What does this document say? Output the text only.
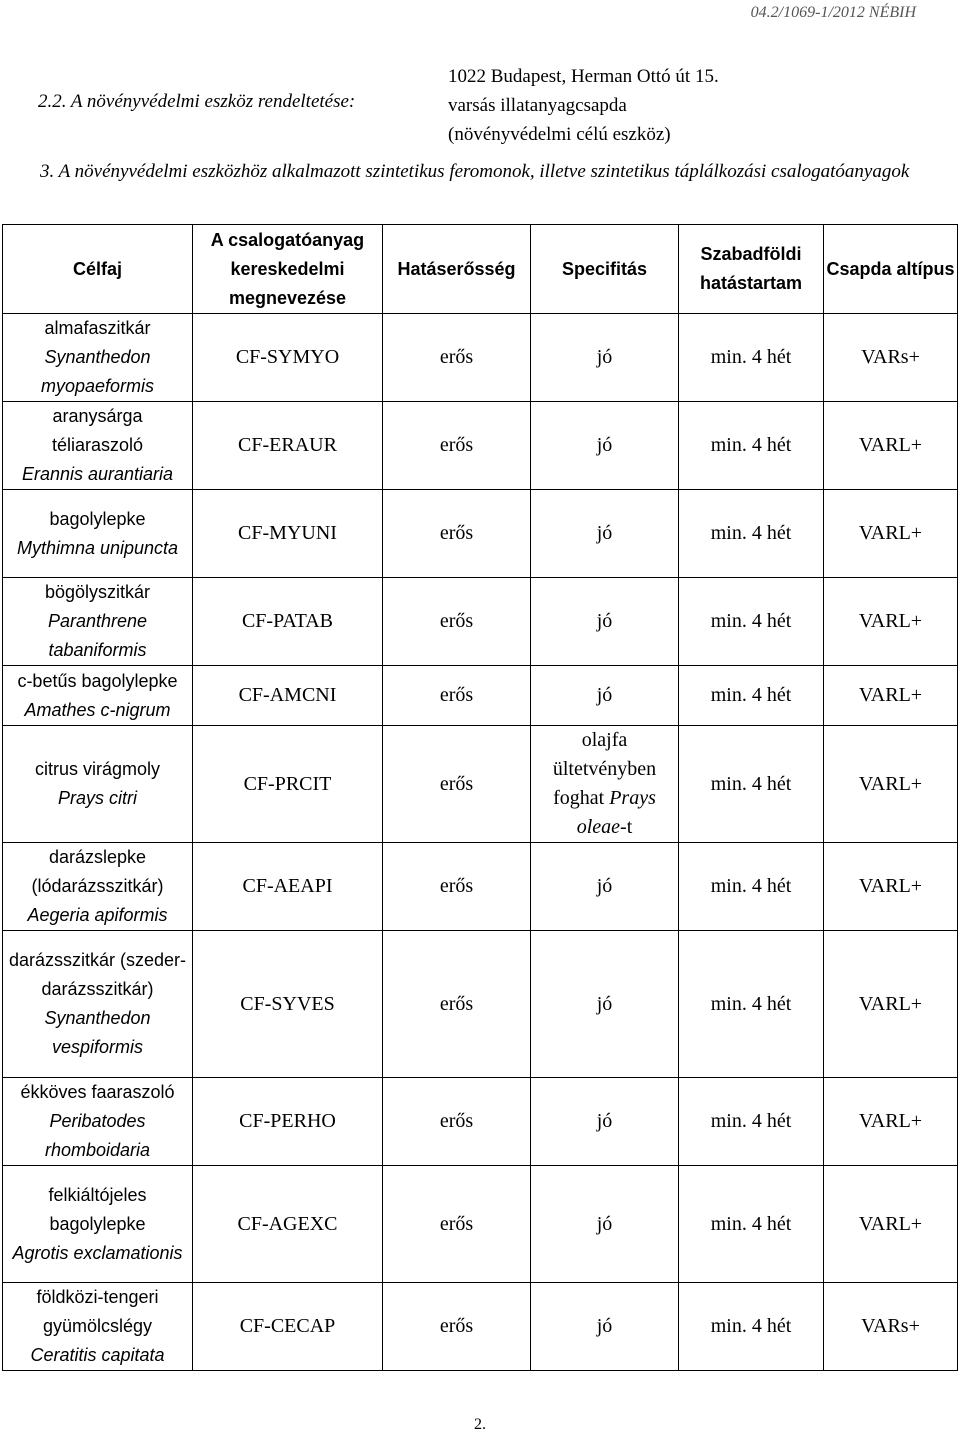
04.2/1069-1/2012 NÉBIH
2.2. A növényvédelmi eszköz rendeltetése:
1022 Budapest, Herman Ottó út 15.
varsás illatanyagcsapda
(növényvédelmi célú eszköz)
3. A növényvédelmi eszközhöz alkalmazott szintetikus feromonok, illetve szintetikus táplálkozási csalogatóanyagok
Célfaj	A csalogatóanyag kereskedelmi megnevezése	Hatáserősség	Specifitás	Szabadföldi hatástartam	Csapda altípus

almafaszitkár
Synanthedon myopaeformis	CF-SYMYO	erős	jó	min. 4 hét	VARs+

aranysárga téliaraszoló
Erannis aurantiaria	CF-ERAUR	erős	jó	min. 4 hét	VARL+

bagolylepke
Mythimna unipuncta	CF-MYUNI	erős	jó	min. 4 hét	VARL+

bögölyszitkár
Paranthrene tabaniformis	CF-PATAB	erős	jó	min. 4 hét	VARL+

c-betűs bagolylepke
Amathes c-nigrum	CF-AMCNI	erős	jó	min. 4 hét	VARL+

citrus virágmoly
Prays citri	CF-PRCIT	erős	olajfa ültetvényben foghat Prays oleae-t	min. 4 hét	VARL+

darázslepke (lódarázsszitkár)
Aegeria apiformis	CF-AEAPI	erős	jó	min. 4 hét	VARL+

darázsszitkár (szeder-darázsszitkár)
Synanthedon vespiformis	CF-SYVES	erős	jó	min. 4 hét	VARL+

ékköves faaraszoló
Peribatodes rhomboidaria	CF-PERHO	erős	jó	min. 4 hét	VARL+

felkiáltójeles bagolylepke
Agrotis exclamationis	CF-AGEXC	erős	jó	min. 4 hét	VARL+

földközi-tengeri gyümölcslégy
Ceratitis capitata	CF-CECAP	erős	jó	min. 4 hét	VARs+
2.
